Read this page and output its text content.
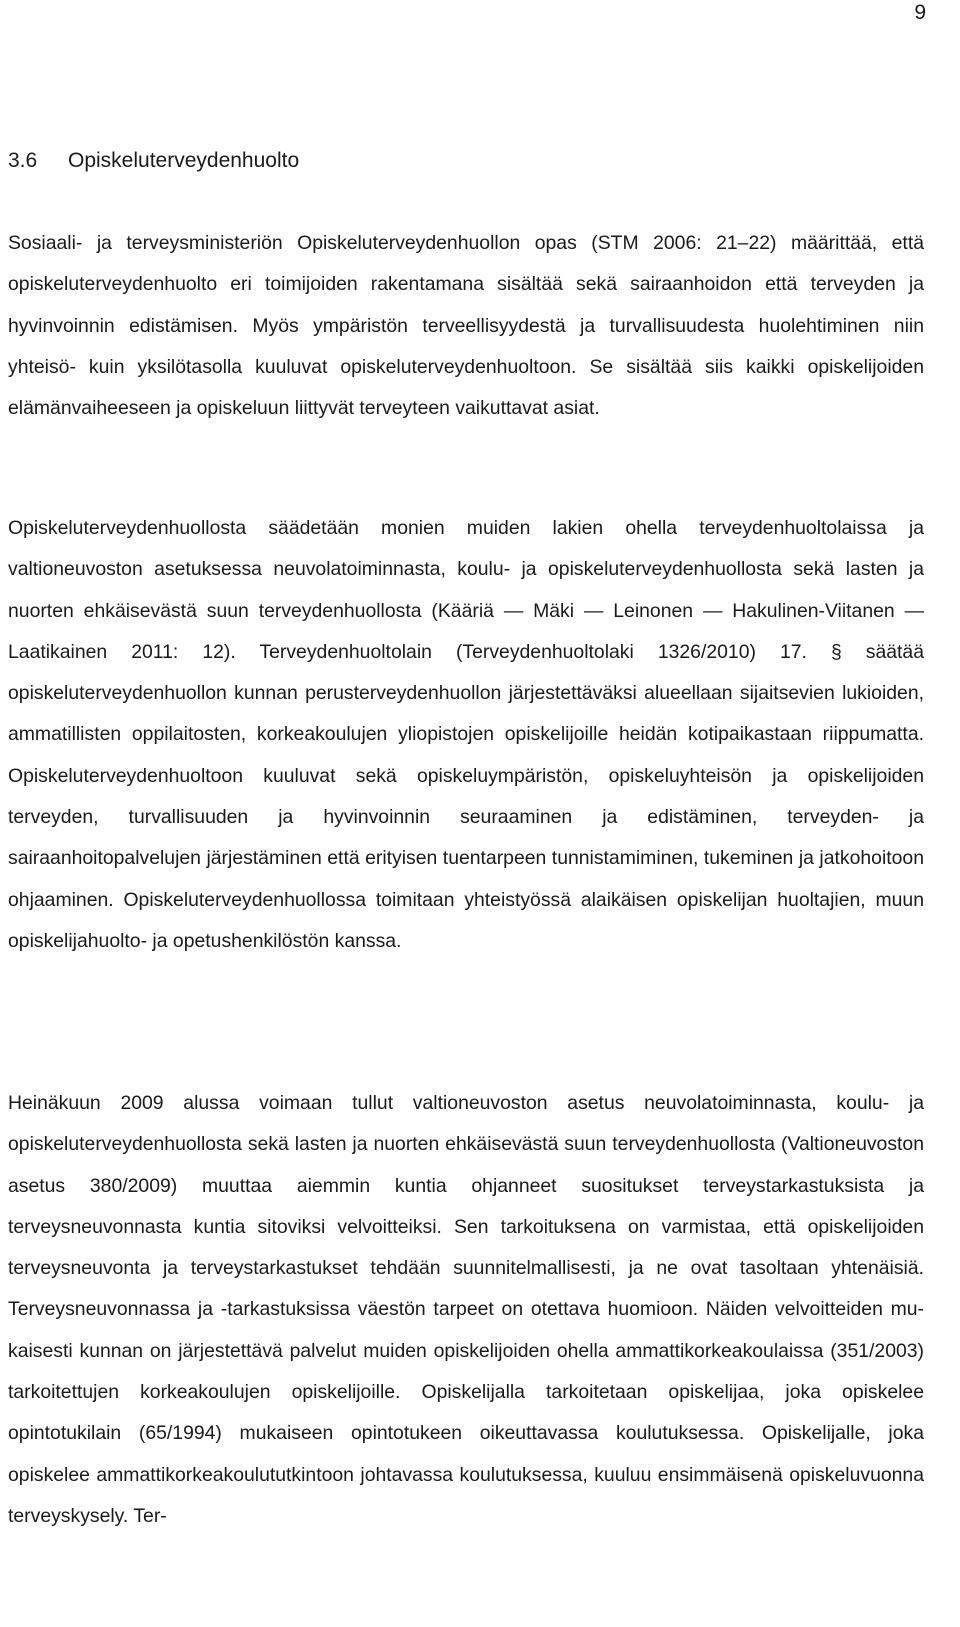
9
3.6 Opiskeluterveydenhuolto

Sosiaali- ja terveysministeriön Opiskeluterveydenhuollon opas (STM 2006: 21–22) määrittää, että opiskeluterveydenhuolto eri toimijoiden rakentamana sisältää sekä sairaanhoidon että terveyden ja hyvinvoinnin edistämisen. Myös ympäristön terveellisyydestä ja turvallisuudesta huolehtiminen niin yhteisö- kuin yksilötasolla kuuluvat opiskeluterveydenhuoltoon. Se sisältää siis kaikki opiskelijoiden elämänvaiheeseen ja opiskeluun liittyvät terveyteen vaikuttavat asiat.

Opiskeluterveydenhuollosta säädetään monien muiden lakien ohella terveydenhuoltolaissa ja valtioneuvoston asetuksessa neuvolatoiminnasta, koulu- ja opiskeluterveydenhuollosta sekä lasten ja nuorten ehkäisevästä suun terveydenhuollosta (Kääriä — Mäki — Leinonen — Hakulinen-Viitanen — Laatikainen 2011: 12). Terveydenhuoltolain (Terveydenhuoltolaki 1326/2010) 17. § säätää opiskeluterveydenhuollon kunnan perusterveydenhuollon järjestettäväksi alueellaan sijaitsevien lukioiden, ammatillisten oppilaitosten, korkeakoulujen yliopistojen opiskelijoille heidän kotipaikastaan riippumatta. Opiskeluterveydenhuoltoon kuuluvat sekä opiskeluympäristön, opiskeluyhteisön ja opiskelijoiden terveyden, turvallisuuden ja hyvinvoinnin seuraaminen ja edistäminen, terveyden- ja sairaanhoitopalvelujen järjestäminen että erityisen tuentarpeen tunnistamiminen, tukeminen ja jatkohoitoon ohjaaminen. Opiskeluterveydenhuollossa toimitaan yhteistyössä alaikäisen opiskelijan huoltajien, muun opiskelijahuolto- ja opetushenkilöstön kanssa.

Heinäkuun 2009 alussa voimaan tullut valtioneuvoston asetus neuvolatoiminnasta, koulu- ja opiskeluterveydenhuollosta sekä lasten ja nuorten ehkäisevästä suun terveydenhuollosta (Valtioneuvoston asetus 380/2009) muuttaa aiemmin kuntia ohjanneet suositukset terveystarkastuksista ja terveysneuvonnasta kuntia sitoviksi velvoitteiksi. Sen tarkoituksena on varmistaa, että opiskelijoiden terveysneuvonta ja terveystarkastukset tehdään suunnitelmallisesti, ja ne ovat tasoltaan yhtenäisiä. Terveysneuvonnassa ja -tarkastuksissa väestön tarpeet on otettava huomioon. Näiden velvoitteiden mukaisesti kunnan on järjestettävä palvelut muiden opiskelijoiden ohella ammattikorkeakoulaissa (351/2003) tarkoitettujen korkeakoulujen opiskelijoille. Opiskelijalla tarkoitetaan opiskelijaa, joka opiskelee opintotukilain (65/1994) mukaiseen opintotukeen oikeuttavassa koulutuksessa. Opiskelijalle, joka opiskelee ammattikorkeakoulututkintoon johtavassa koulutuksessa, kuuluu ensimmäisenä opiskeluvuonna terveyskysely. Ter-
